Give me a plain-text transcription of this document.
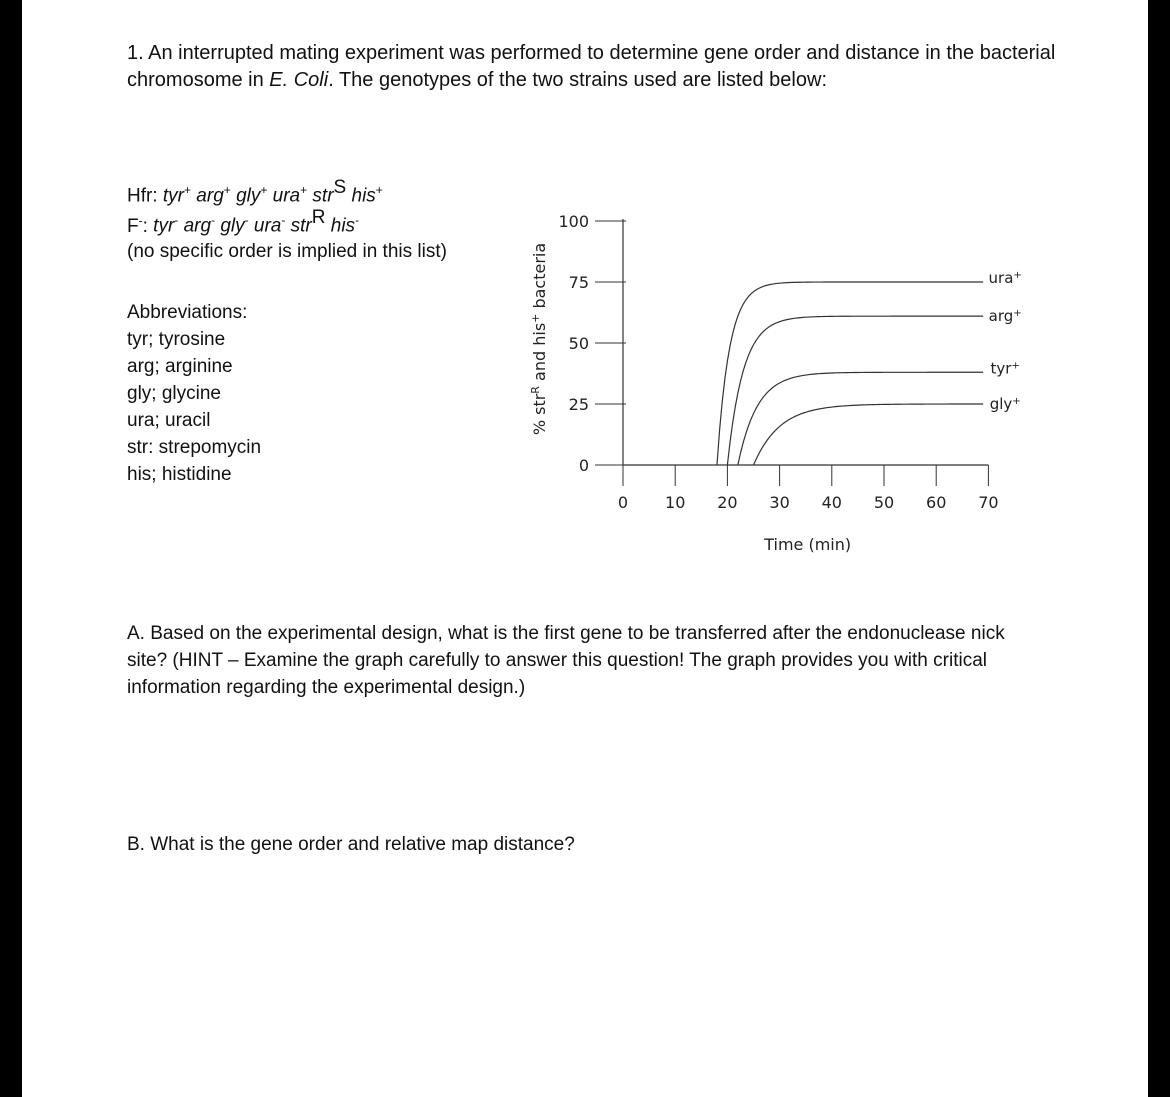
1. An interrupted mating experiment was performed to determine gene order and distance in the bacterial chromosome in E. Coli. The genotypes of the two strains used are listed below:
Hfr: tyr+ arg+ gly+ ura+ str$^S$ his+
F-: tyr- arg- gly- ura- str$^R$ his-
(no specific order is implied in this list)
Abbreviations:
tyr; tyrosine
arg; arginine
gly; glycine
ura; uracil
str: strepomycin
his; histidine	0
25
50
75
100
0 10 20 30 40 50 60 70
Time (min)
% str$^R$ and his+ bacteria	ura+
arg+
tyr+
gly+
A. Based on the experimental design, what is the first gene to be transferred after the endonuclease nick site? (HINT – Examine the graph carefully to answer this question! The graph provides you with critical information regarding the experimental design.)
B. What is the gene order and relative map distance?
